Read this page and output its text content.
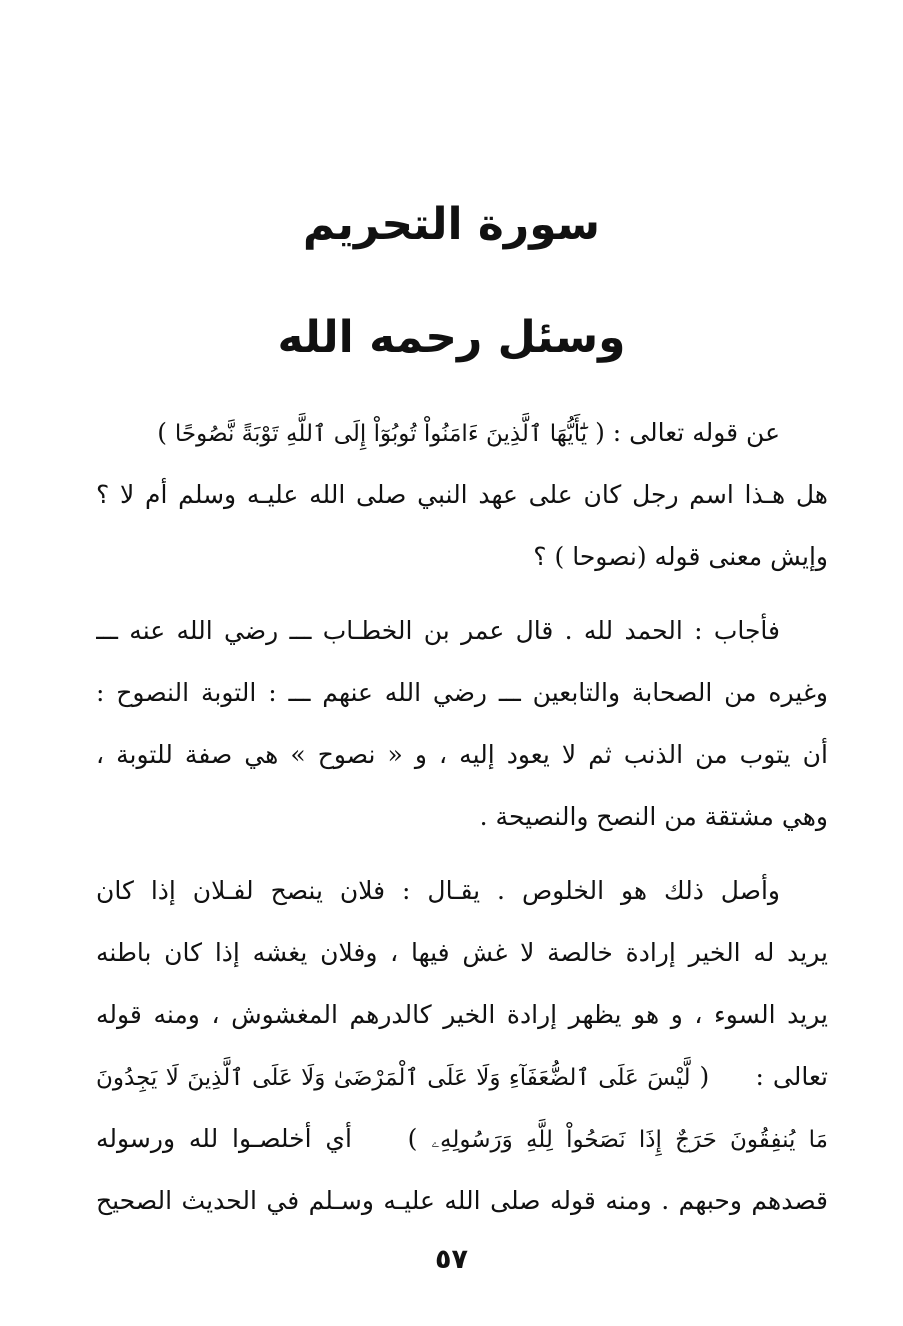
سورة التحريم
وسئل رحمه الله
عن قوله تعالى : ( يَٰٓأَيُّهَا ٱلَّذِينَ ءَامَنُواْ تُوبُوٓاْ إِلَى ٱللَّهِ تَوْبَةً نَّصُوحًا )
هل هـذا اسم رجل كان على عهد النبي صلى الله عليـه وسلم أم لا ؟
وإيش معنى قوله (نصوحا ) ؟
فأجاب : الحمد لله . قال عمر بن الخطـاب ـــ رضي الله عنه ـــ
وغيره من الصحابة والتابعين ـــ رضي الله عنهم ـــ : التوبة النصوح :
أن يتوب من الذنب ثم لا يعود إليه ، و « نصوح » هي صفة للتوبة ،
وهي مشتقة من النصح والنصيحة .
وأصل ذلك هو الخلوص . يقـال : فلان ينصح لفـلان إذا كان
يريد له الخير إرادة خالصة لا غش فيها ، وفلان يغشه إذا كان باطنه
يريد السوء ، و هو يظهر إرادة الخير كالدرهم المغشوش ، ومنه قوله
تعالى :  ( لَّيْسَ عَلَى ٱلضُّعَفَآءِ وَلَا عَلَى ٱلْمَرْضَىٰ وَلَا عَلَى ٱلَّذِينَ لَا يَجِدُونَ
مَا يُنفِقُونَ حَرَجٌ إِذَا نَصَحُواْ لِلَّهِ وَرَسُولِهِۦ )  أي أخلصـوا لله ورسوله
قصدهم وحبهم . ومنه قوله صلى الله عليـه وسـلم في الحديث الصحيح
٥٧
